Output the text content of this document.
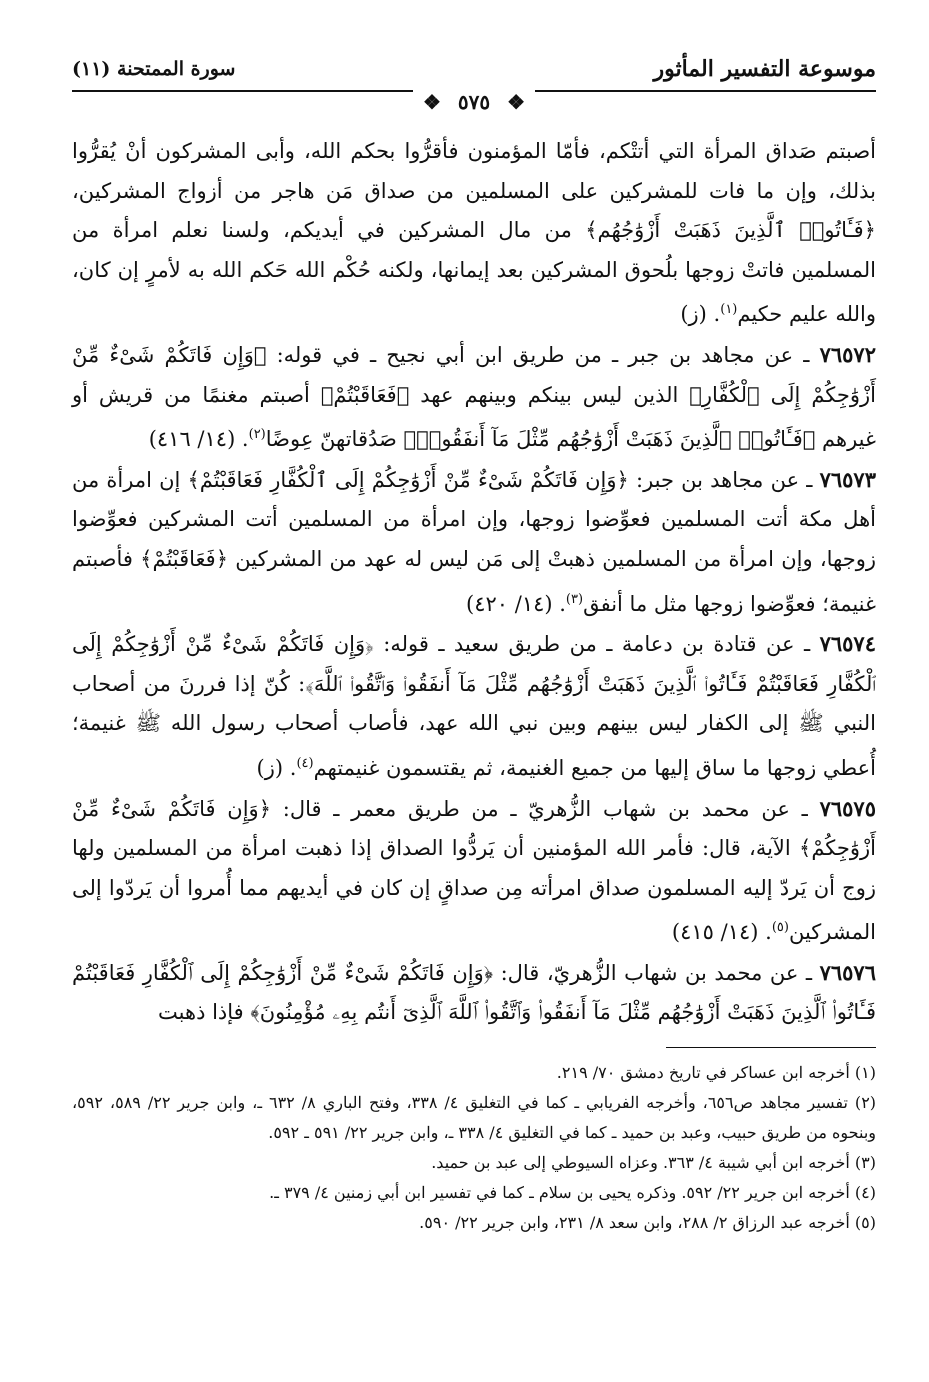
موسوعة التفسير المأثور
سورة الممتحنة (١١)
❖ ٥٧٥ ❖

أصبتم صَداق المرأة التي أتتْكم، فأمّا المؤمنون فأقرُّوا بحكم الله، وأبى المشركون أنْ يُقرُّوا بذلك، وإن ما فات للمشركين على المسلمين من صداق مَن هاجر من أزواج المشركين، ﴿فَـَٔاتُوا۟ ٱلَّذِينَ ذَهَبَتْ أَزْوَٰجُهُم﴾ من مال المشركين في أيديكم، ولسنا نعلم امرأة من المسلمين فاتتْ زوجها بلُحوق المشركين بعد إيمانها، ولكنه حُكْم الله حَكم الله به لأمرٍ إن كان، والله عليم حكيم$^{(١)}$. (ز)

٧٦٥٧٢ ـ عن مجاهد بن جبر ـ من طريق ابن أبي نجيح ـ في قوله: ﴿وَإِن فَاتَكُمْ شَىْءٌ مِّنْ أَزْوَٰجِكُمْ إِلَى ٱلْكُفَّارِ﴾ الذين ليس بينكم وبينهم عهد ﴿فَعَاقَبْتُمْ﴾ أصبتم مغنمًا من قريش أو غيرهم ﴿فَـَٔاتُوا۟ ٱلَّذِينَ ذَهَبَتْ أَزْوَٰجُهُم مِّثْلَ مَآ أَنفَقُوا۟﴾ صَدُقاتهنّ عِوضًا$^{(٢)}$. (١٤/ ٤١٦)

٧٦٥٧٣ ـ عن مجاهد بن جبر: ﴿وَإِن فَاتَكُمْ شَىْءٌ مِّنْ أَزْوَٰجِكُمْ إِلَى ٱلْكُفَّارِ فَعَاقَبْتُمْ﴾ إن امرأة من أهل مكة أتت المسلمين فعوِّضوا زوجها، وإن امرأة من المسلمين أتت المشركين فعوِّضوا زوجها، وإن امرأة من المسلمين ذهبتْ إلى مَن ليس له عهد من المشركين ﴿فَعَاقَبْتُمْ﴾ فأصبتم غنيمة؛ فعوِّضوا زوجها مثل ما أنفق$^{(٣)}$. (١٤/ ٤٢٠)

٧٦٥٧٤ ـ عن قتادة بن دعامة ـ من طريق سعيد ـ قوله: ﴿وَإِن فَاتَكُمْ شَىْءٌ مِّنْ أَزْوَٰجِكُمْ إِلَى ٱلْكُفَّارِ فَعَاقَبْتُمْ فَـَٔاتُوا۟ ٱلَّذِينَ ذَهَبَتْ أَزْوَٰجُهُم مِّثْلَ مَآ أَنفَقُوا۟ وَٱتَّقُوا۟ ٱللَّهَ﴾: كُنّ إذا فررنَ من أصحاب النبي ﷺ إلى الكفار ليس بينهم وبين نبي الله عهد، فأصاب أصحاب رسول الله ﷺ غنيمة؛ أُعطي زوجها ما ساق إليها من جميع الغنيمة، ثم يقتسمون غنيمتهم$^{(٤)}$. (ز)

٧٦٥٧٥ ـ عن محمد بن شهاب الزُّهريّ ـ من طريق معمر ـ قال: ﴿وَإِن فَاتَكُمْ شَىْءٌ مِّنْ أَزْوَٰجِكُمْ﴾ الآية، قال: فأمر الله المؤمنين أن يَردُّوا الصداق إذا ذهبت امرأة من المسلمين ولها زوج أن يَردّ إليه المسلمون صداق امرأته مِن صداقٍ إن كان في أيديهم مما أُمروا أن يَردّوا إلى المشركين$^{(٥)}$. (١٤/ ٤١٥)

٧٦٥٧٦ ـ عن محمد بن شهاب الزُّهريّ، قال: ﴿وَإِن فَاتَكُمْ شَىْءٌ مِّنْ أَزْوَٰجِكُمْ إِلَى ٱلْكُفَّارِ فَعَاقَبْتُمْ فَـَٔاتُوا۟ ٱلَّذِينَ ذَهَبَتْ أَزْوَٰجُهُم مِّثْلَ مَآ أَنفَقُوا۟ وَٱتَّقُوا۟ ٱللَّهَ ٱلَّذِىٓ أَنتُم بِهِۦ مُؤْمِنُونَ﴾ فإذا ذهبت

(١) أخرجه ابن عساكر في تاريخ دمشق ٧٠/ ٢١٩.

(٢) تفسير مجاهد ص٦٥٦، وأخرجه الفريابي ـ كما في التغليق ٤/ ٣٣٨، وفتح الباري ٨/ ٦٣٢ ـ، وابن جرير ٢٢/ ٥٨٩، ٥٩٢، وبنحوه من طريق حبيب، وعبد بن حميد ـ كما في التغليق ٤/ ٣٣٨ ـ، وابن جرير ٢٢/ ٥٩١ ـ ٥٩٢.

(٣) أخرجه ابن أبي شيبة ٤/ ٣٦٣. وعزاه السيوطي إلى عبد بن حميد.

(٤) أخرجه ابن جرير ٢٢/ ٥٩٢. وذكره يحيى بن سلام ـ كما في تفسير ابن أبي زمنين ٤/ ٣٧٩ ـ.

(٥) أخرجه عبد الرزاق ٢/ ٢٨٨، وابن سعد ٨/ ٢٣١، وابن جرير ٢٢/ ٥٩٠.
